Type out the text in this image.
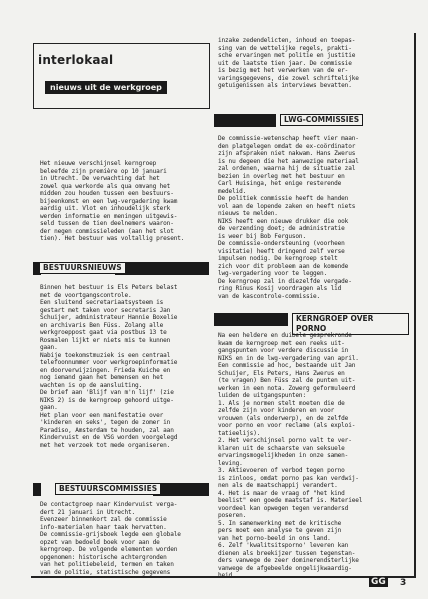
interlokaal
nieuws uit de werkgroep
Het nieuwe verschijnsel kerngroep
beleefde zijn première op 10 januari
in Utrecht. De verwachting dat het
zowel qua werkorde als qua omvang het
midden zou houden tussen een bestuurs-
bijeenkomst en een lwg-vergadering kwam
aardig uit. Vlot en inhoudelijk sterk
werden informatie en meningen uitgewis-
seld tussen de tien deelnemers waaron-
der negen commissieleden (aan het slot
tien). Het bestuur was voltallig present.
BESTUURSNIEUWS
Binnen het bestuur is Els Peters belast
met de voortgangscontrole.
Een sluitend secretariaatsysteem is
gestart met taken voor secretaris Jan
Schuijer, administrateur Hannie Boxelie
en archivaris Ben Füss. Zolang alle
werkgroeppost gaat via postbus 13 te
Rosmalen lijkt er niets mis te kunnen
gaan.
Nabije toekomstmuziek is een centraal
telefoonnummer voor werkgroepinformatie
en doorverwijzingen. Frieda Kuiche en
nog iemand gaan het bemensen en het
wachten is op de aansluiting.
De brief aan 'Blijf van m'n lijf' (zie
NIKS 2) is de kerngroep gehoord uitge-
gaan.
Het plan voor een manifestatie over
'kinderen en seks', tegen de zomer in
Paradiso, Amsterdam te houden, zal aan
Kindervuist en de VSG worden voorgelegd
met het verzoek tot mede organiseren.
BESTUURSCOMMISSIES
De contactgroep naar Kindervuist verga-
dert 21 januari in Utrecht.
Evenzeer binnenkort zal de commissie
info-materialen haar taak hervatten.
De commissie-grijsboek legde een globale
opzet van bedoeld boek voor aan de
kerngroep. De volgende elementen worden
opgenomen: historische achtergronden
van het politiebeleid, termen en taken
van de politie, statistische gegevens
inzake zedendelicten, inhoud en toepas-
sing van de wettelijke regels, prakti-
sche ervaringen met politie en justitie
uit de laatste tien jaar. De commissie
is bezig met het verwerken van de er-
varingsgegevens, die zowel schriftelijke
getuigenissen als interviews bevatten.
LWG-COMMISSIES
De commissie-wetenschap heeft vier maan-
den platgelegen omdat de ex-coördinator
zijn afspraken niet nakwam. Hans Zwerus
is nu degeen die het aanwezige materiaal
zal ordenen, waarna hij de situatie zal
bezien in overleg met het bestuur en
Carl Huisinga, het enige resterende
medelid.
De politiek commissie heeft de handen
vol aan de lopende zaken en heeft niets
nieuws te melden.
NIKS heeft een nieuwe drukker die ook
de verzending doet; de administratie
is weer bij Bob Ferguson.
De commissie-ondersteuning (voorheen
visitatie) heeft dringend zelf verse
impulsen nodig. De kerngroep stelt
zich voor dit probleem aan de komende
lwg-vergadering voor te leggen.
De kerngroep zal in diezelfde vergade-
ring Rinus Kosij voordragen als lid
van de kascontrole-commissie.
KERNGROEP OVER PORNO
Na een heldere en duibele gesprekronde
kwam de kerngroep met een reeks uit-
gangspunten voor verdere discussie in
NIKS en in de lwg-vergadering van april.
Een commissie ad hoc, bestaande uit Jan
Schuijer, Els Peters, Hans Zwerus en
(te vragen) Ben Füss zal de punten uit-
werken in een nota. Zowerg geformuleerd
luiden de uitgangspunten:
1. Als je normen stelt moeten die de
zelfde zijn voor kinderen en voor
vrouwen (als onderwerp), en de zelfde
voor porno en voor reclame (als exploi-
tatieelijs).
2. Het verschijnsel porno valt te ver-
klaren uit de schaarste van seksuele
ervaringsmogelijkheden in onze samen-
leving.
3. Aktievoeren of verbod tegen porno
is zinloos, omdat porno pas kan verdwij-
nen als de maatschappij verandert.
4. Het is maar de vraag of "het kind
beelist" een goede maatstaf is. Materieel
voordeel kan opwegen tegen verandersd
poseren.
5. In samenwerking met de kritische
pers moet een analyse te geven zijn
van het porno-beeld in ons land.
6. Zelf 'kwalitsitsporno' leveren kan
dienen als breekijzer tussen tegenstan-
ders vanwege de zeer dominerendsterlijke
vanwege de afgebeelde ongelijkwaardig-
heid.
GG 3
